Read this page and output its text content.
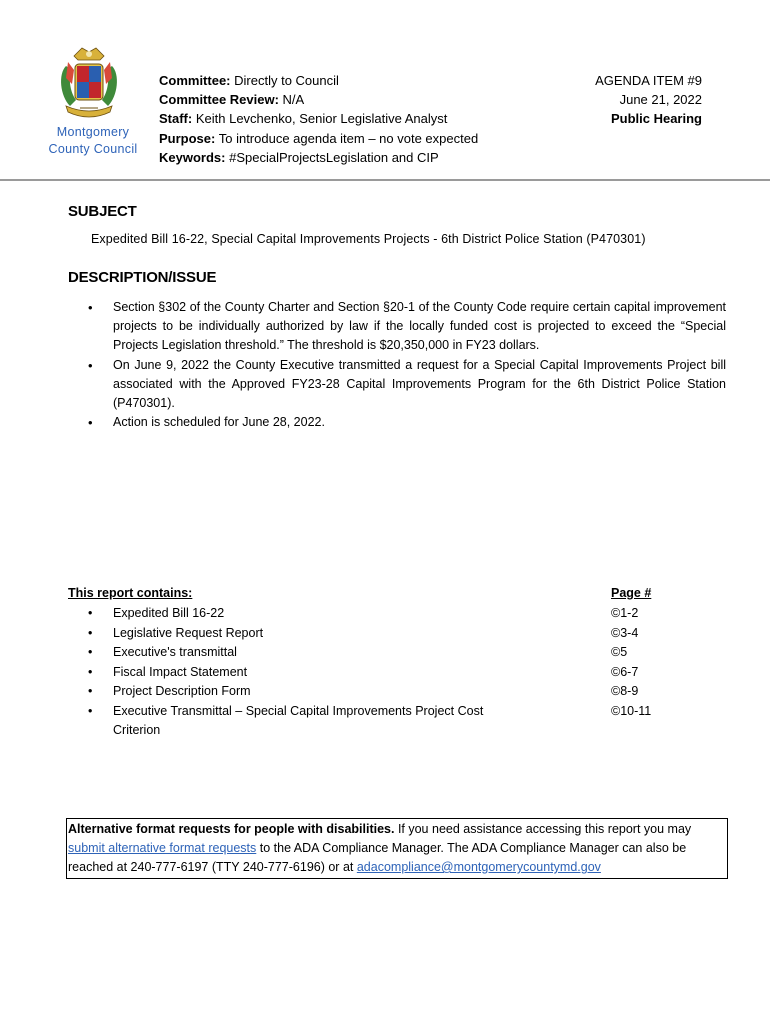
Montgomery
County Council
Committee: Directly to Council
Committee Review: N/A
Staff: Keith Levchenko, Senior Legislative Analyst
Purpose: To introduce agenda item – no vote expected
Keywords: #SpecialProjectsLegislation and CIP
AGENDA ITEM #9
June 21, 2022
Public Hearing
SUBJECT
Expedited Bill 16-22, Special Capital Improvements Projects - 6th District Police Station (P470301)
DESCRIPTION/ISSUE
• Section §302 of the County Charter and Section §20-1 of the County Code require certain capital improvement projects to be individually authorized by law if the locally funded cost is projected to exceed the “Special Projects Legislation threshold.” The threshold is $20,350,000 in FY23 dollars.
• On June 9, 2022 the County Executive transmitted a request for a Special Capital Improvements Project bill associated with the Approved FY23-28 Capital Improvements Program for the 6th District Police Station (P470301).
• Action is scheduled for June 28, 2022.
This report contains:	Page #
• Expedited Bill 16-22
• Legislative Request Report
• Executive's transmittal
• Fiscal Impact Statement
• Project Description Form
• Executive Transmittal – Special Capital Improvements Project Cost Criterion
©1-2
©3-4
©5
©6-7
©8-9
©10-11
Alternative format requests for people with disabilities. If you need assistance accessing this report you may submit alternative format requests to the ADA Compliance Manager. The ADA Compliance Manager can also be reached at 240-777-6197 (TTY 240-777-6196) or at adacompliance@montgomerycountymd.gov
